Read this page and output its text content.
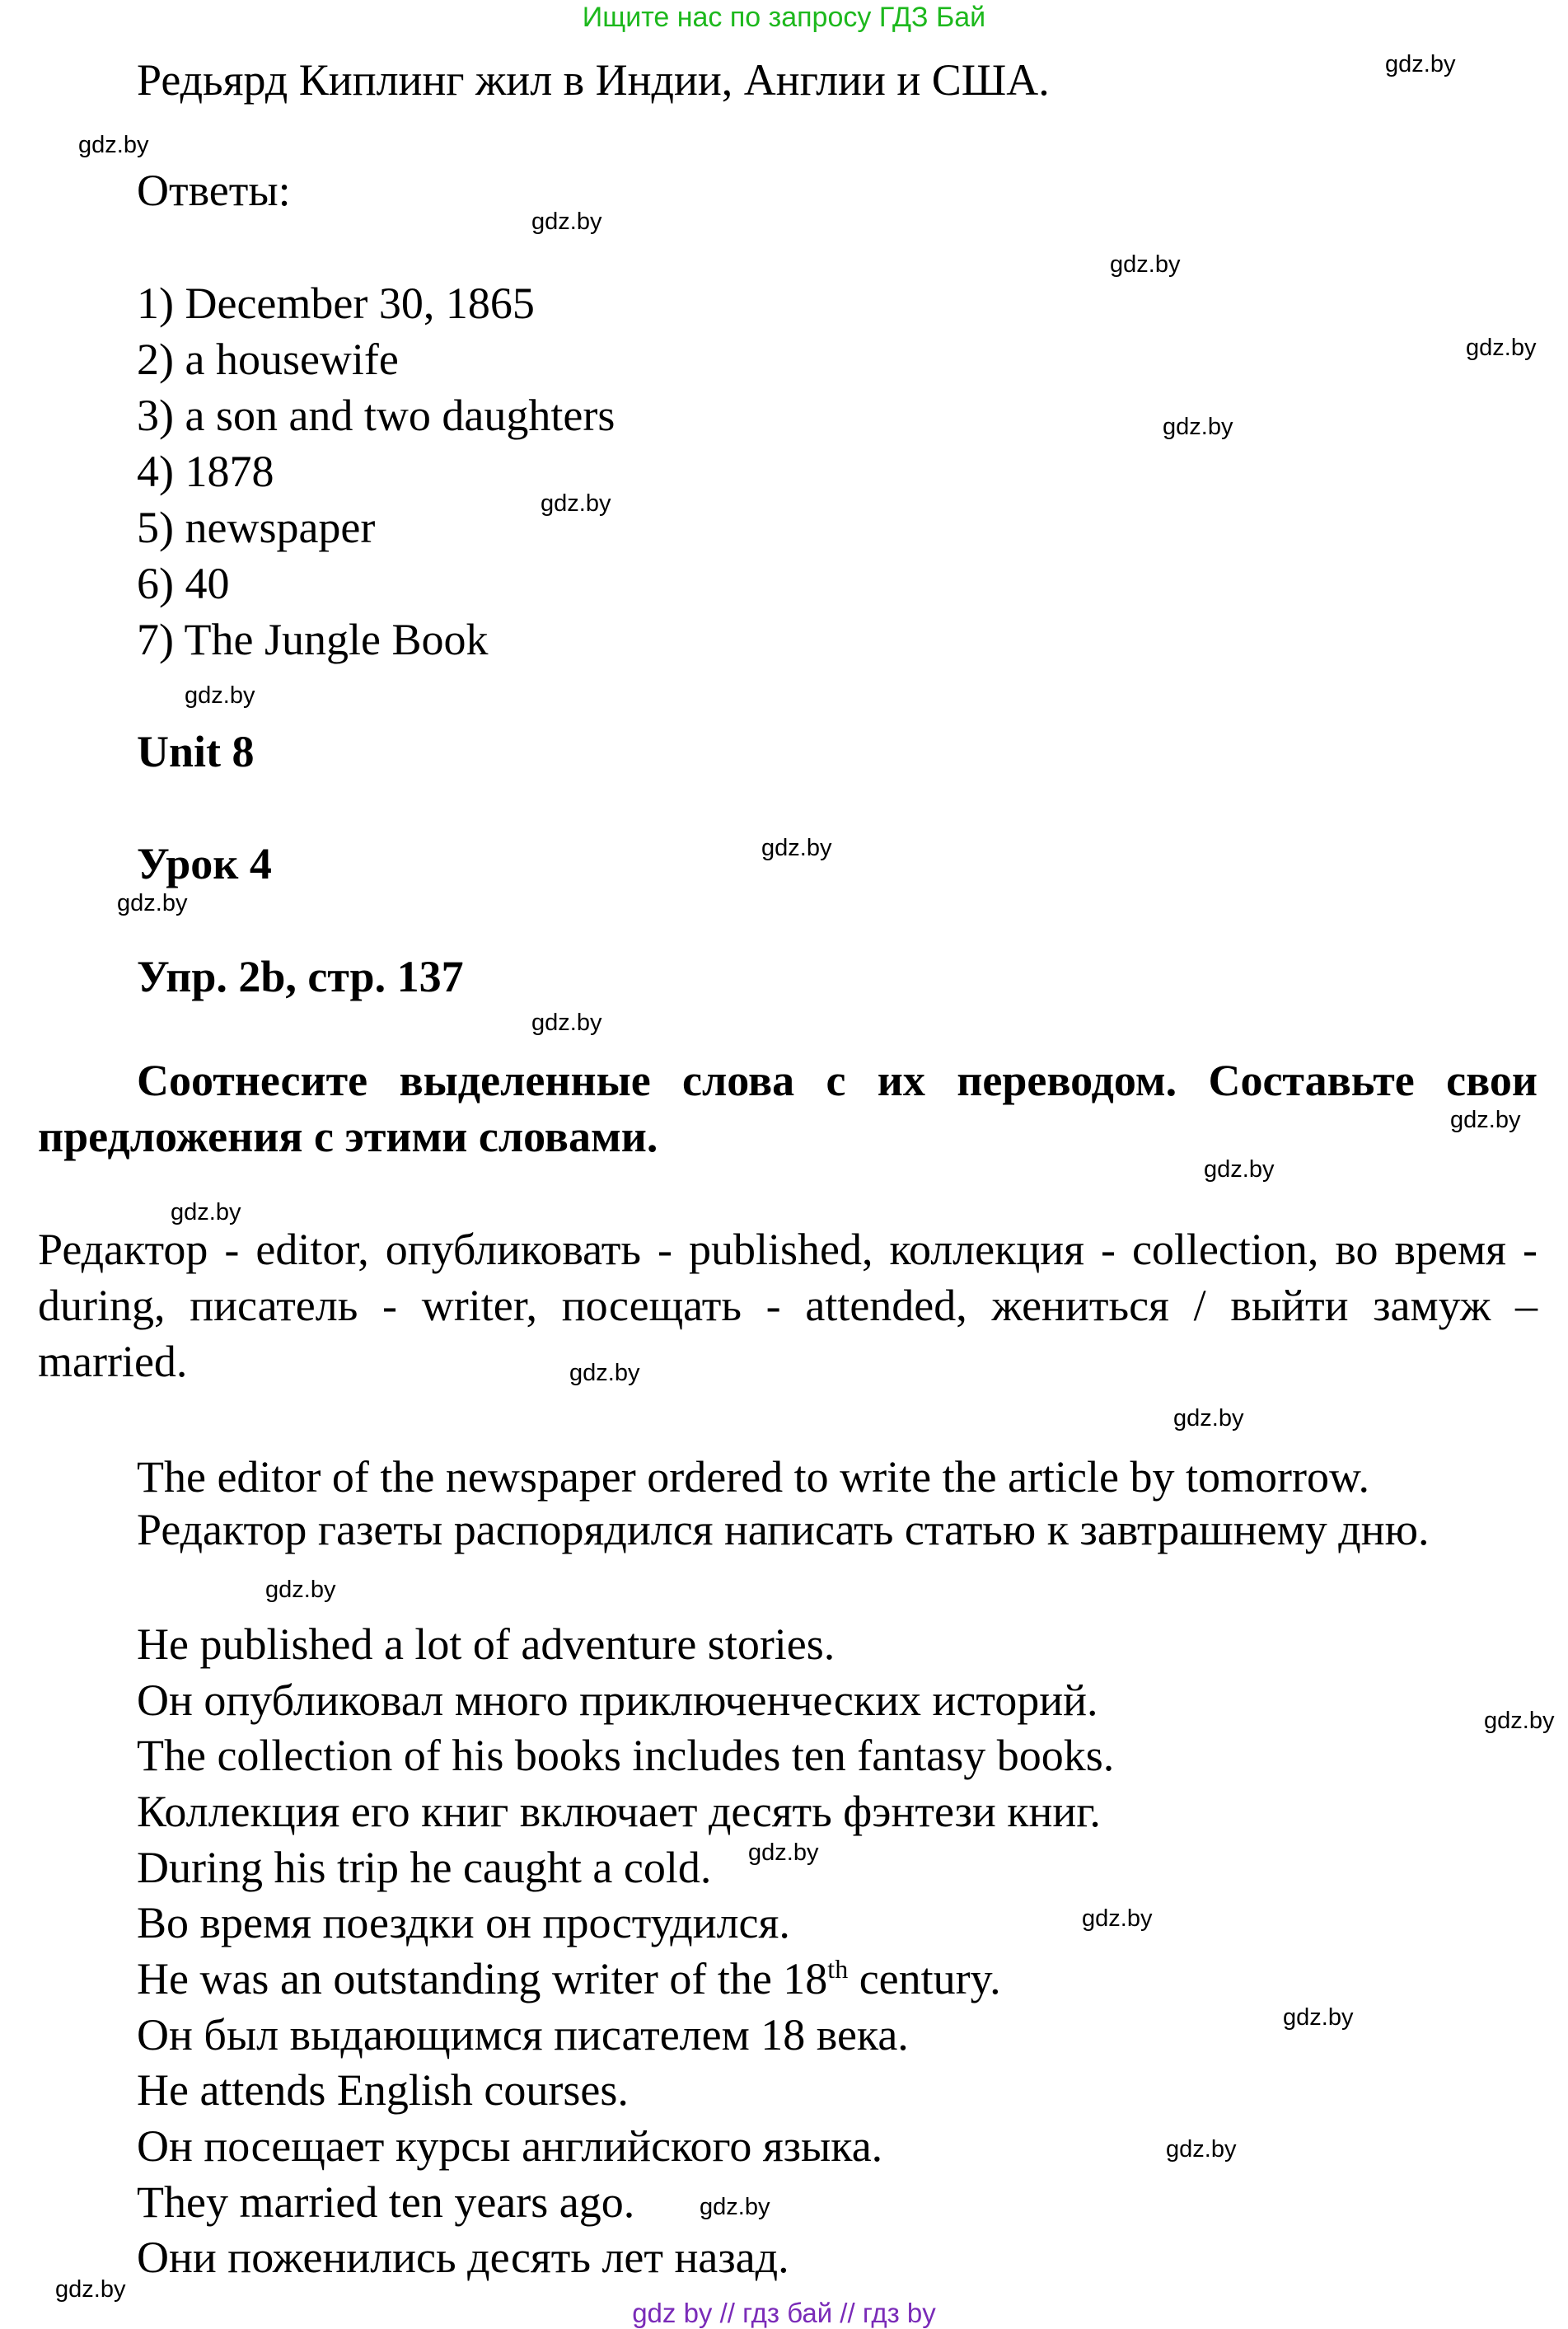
Ищите нас по запросу ГДЗ Бай
Редьярд Киплинг жил в Индии, Англии и США.
Ответы:
1) December 30, 1865
2) a housewife
3) a son and two daughters
4) 1878
5) newspaper
6) 40
7) The Jungle Book
Unit 8
Урок 4
Упр. 2b, стр. 137
Соотнесите выделенные слова с их переводом. Составьте свои предложения с этими словами.
Редактор - editor, опубликовать - published, коллекция - collection, во время - during, писатель - writer, посещать - attended, жениться / выйти замуж – married.
The editor of the newspaper ordered to write the article by tomorrow.
Редактор газеты распорядился написать статью к завтрашнему дню.
He published a lot of adventure stories.
Он опубликовал много приключенческих историй.
The collection of his books includes ten fantasy books.
Коллекция его книг включает десять фэнтези книг.
During his trip he caught a cold.
Во время поездки он простудился.
He was an outstanding writer of the 18th century.
Он был выдающимся писателем 18 века.
He attends English courses.
Он посещает курсы английского языка.
They married ten years ago.
Они поженились десять лет назад.
gdz.by
gdz.by
gdz.by
gdz.by
gdz.by
gdz.by
gdz.by
gdz.by
gdz.by
gdz.by
gdz.by
gdz.by
gdz.by
gdz.by
gdz.by
gdz.by
gdz.by
gdz.by
gdz.by
gdz.by
gdz.by
gdz.by
gdz.by
gdz.by
gdz by // гдз бай // гдз by
